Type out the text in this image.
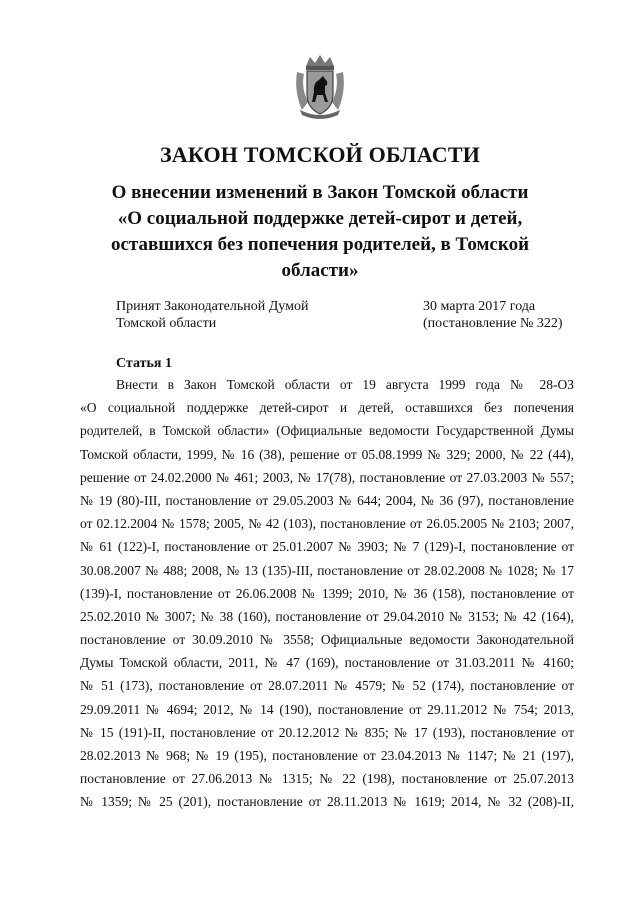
ЗАКОН ТОМСКОЙ ОБЛАСТИ
О внесении изменений в Закон Томской области
«О социальной поддержке детей-сирот и детей,
оставшихся без попечения родителей, в Томской
области»
Принят Законодательной Думой
Томской области
30 марта 2017 года
(постановление № 322)
Статья 1
Внести в Закон Томской области от 19 августа 1999 года № 28-ОЗ
«О социальной поддержке детей-сирот и детей, оставшихся без попечения
родителей, в Томской области» (Официальные ведомости Государственной Думы
Томской области, 1999, № 16 (38), решение от 05.08.1999 № 329; 2000, № 22 (44),
решение от 24.02.2000 № 461; 2003, № 17(78), постановление от 27.03.2003 № 557;
№ 19 (80)-III, постановление от 29.05.2003 № 644; 2004, № 36 (97), постановление
от 02.12.2004 № 1578; 2005, № 42 (103), постановление от 26.05.2005 № 2103; 2007,
№ 61 (122)-I, постановление от 25.01.2007 № 3903; № 7 (129)-I, постановление от
30.08.2007 № 488; 2008, № 13 (135)-III, постановление от 28.02.2008 № 1028; № 17
(139)-I, постановление от 26.06.2008 № 1399; 2010, № 36 (158), постановление от
25.02.2010 № 3007; № 38 (160), постановление от 29.04.2010 № 3153; № 42 (164),
постановление от 30.09.2010 № 3558; Официальные ведомости Законодательной
Думы Томской области, 2011, № 47 (169), постановление от 31.03.2011 № 4160;
№ 51 (173), постановление от 28.07.2011 № 4579; № 52 (174), постановление от
29.09.2011 № 4694; 2012, № 14 (190), постановление от 29.11.2012 № 754; 2013,
№ 15 (191)-II, постановление от 20.12.2012 № 835; № 17 (193), постановление от
28.02.2013 № 968; № 19 (195), постановление от 23.04.2013 № 1147; № 21 (197),
постановление от 27.06.2013 № 1315; № 22 (198), постановление от 25.07.2013
№ 1359; № 25 (201), постановление от 28.11.2013 № 1619; 2014, № 32 (208)-II,
